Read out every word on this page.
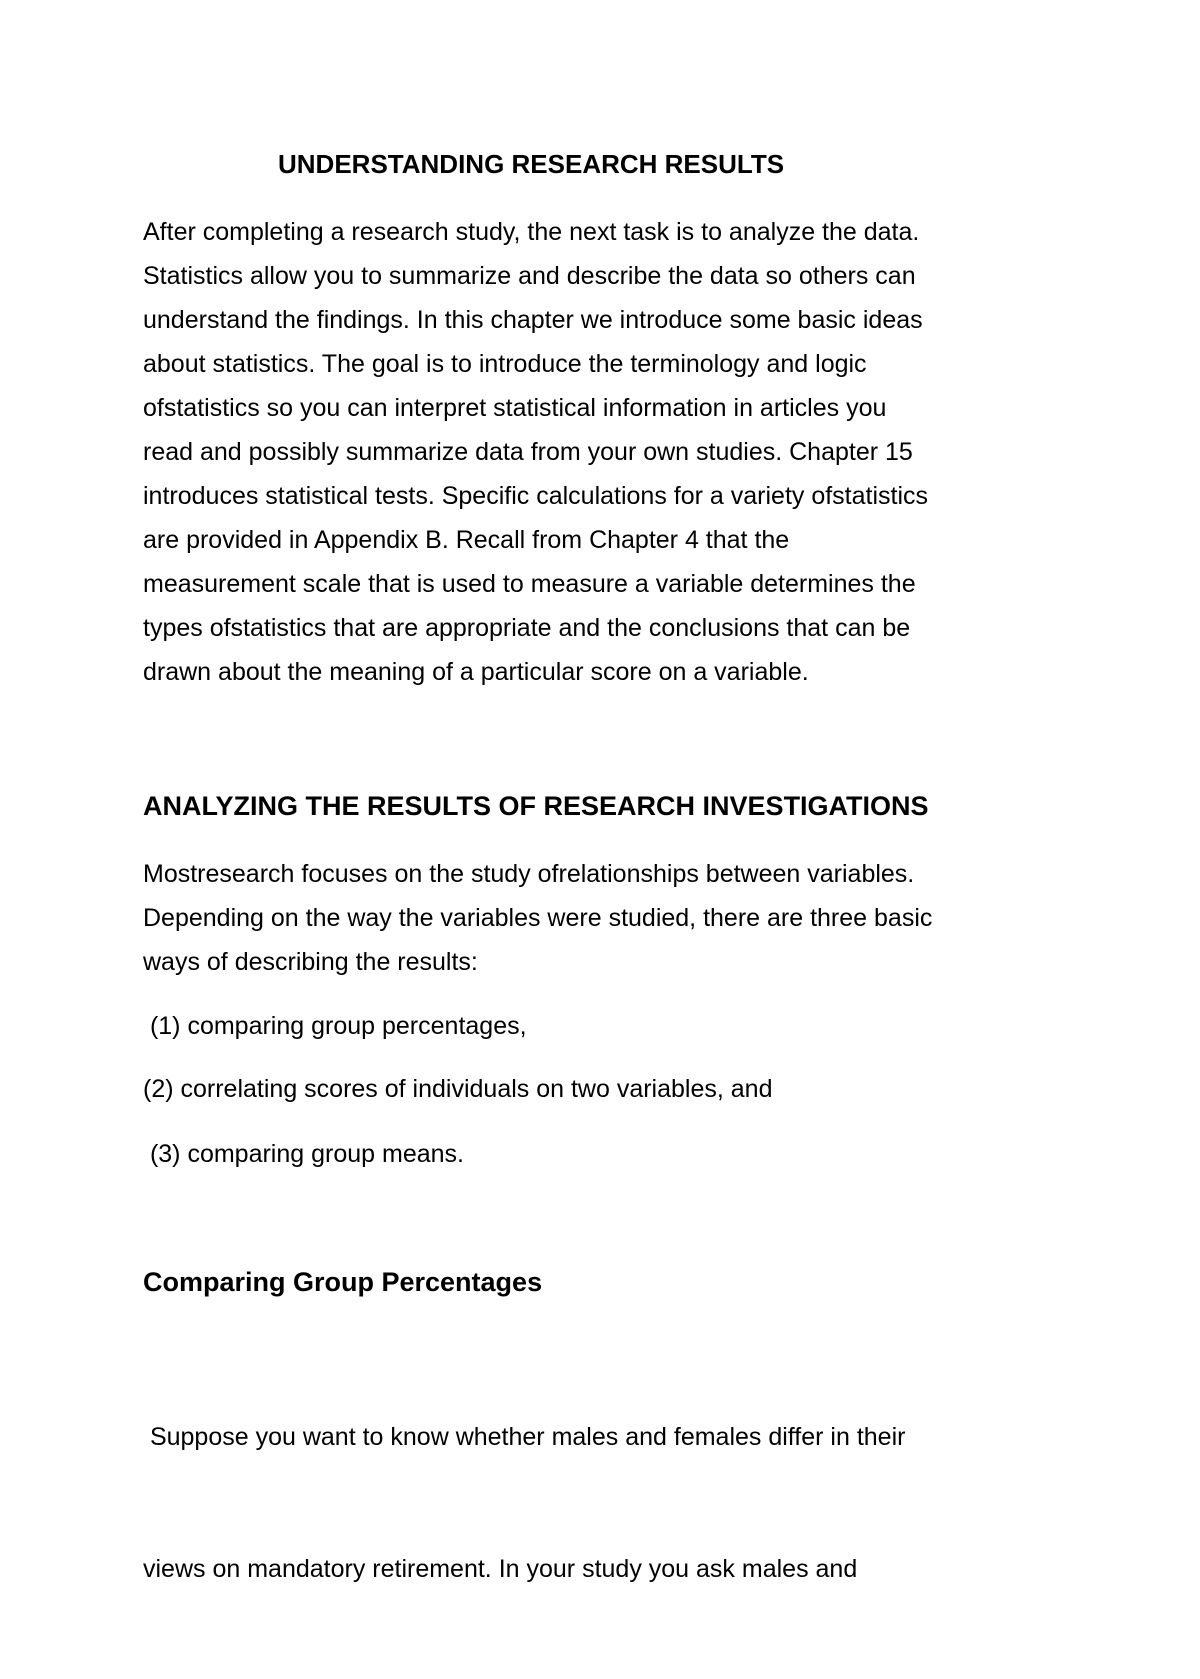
UNDERSTANDING RESEARCH RESULTS
After completing a research study, the next task is to analyze the data.
Statistics allow you to summarize and describe the data so others can
understand the findings. In this chapter we introduce some basic ideas
about statistics. The goal is to introduce the terminology and logic
ofstatistics so you can interpret statistical information in articles you
read and possibly summarize data from your own studies. Chapter 15
introduces statistical tests. Specific calculations for a variety ofstatistics
are provided in Appendix B. Recall from Chapter 4 that the
measurement scale that is used to measure a variable determines the
types ofstatistics that are appropriate and the conclusions that can be
drawn about the meaning of a particular score on a variable.
ANALYZING THE RESULTS OF RESEARCH INVESTIGATIONS
Mostresearch focuses on the study ofrelationships between variables.
Depending on the way the variables were studied, there are three basic
ways of describing the results:

(1) comparing group percentages,

(2) correlating scores of individuals on two variables, and

(3) comparing group means.

Comparing Group Percentages

Suppose you want to know whether males and females differ in their

views on mandatory retirement. In your study you ask males and
